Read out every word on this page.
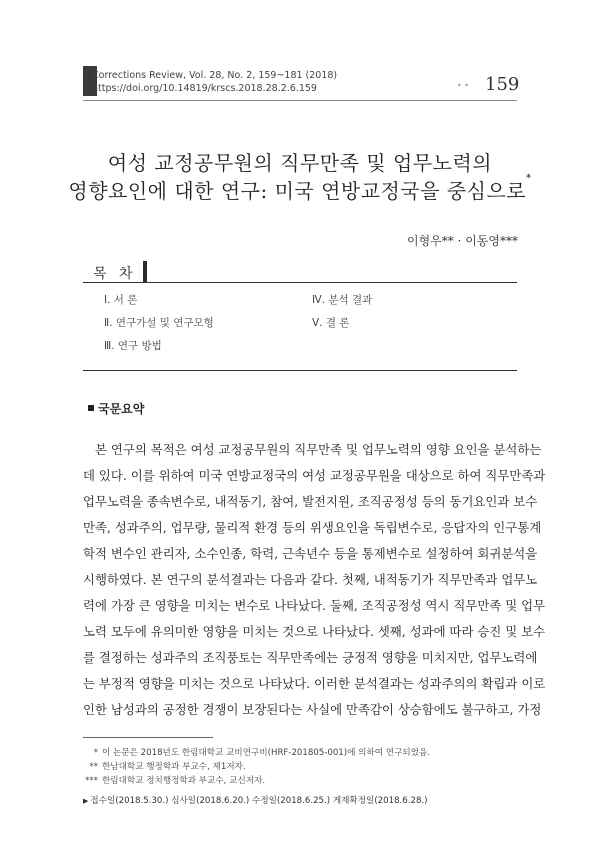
Corrections Review, Vol. 28, No. 2, 159~181 (2018)
https://doi.org/10.14819/krscs.2018.28.2.6.159	• • 159
여성 교정공무원의 직무만족 및 업무노력의
영향요인에 대한 연구: 미국 연방교정국을 중심으로*
이형우** · 이동영***
목 차
Ⅰ. 서 론
Ⅱ. 연구가설 및 연구모형
Ⅲ. 연구 방법
Ⅳ. 분석 결과
Ⅴ. 결 론
국문요약
본 연구의 목적은 여성 교정공무원의 직무만족 및 업무노력의 영향 요인을 분석하는
데 있다. 이를 위하여 미국 연방교정국의 여성 교정공무원을 대상으로 하여 직무만족과
업무노력을 종속변수로, 내적동기, 참여, 발전지원, 조직공정성 등의 동기요인과 보수
만족, 성과주의, 업무량, 물리적 환경 등의 위생요인을 독립변수로, 응답자의 인구통계
학적 변수인 관리자, 소수인종, 학력, 근속년수 등을 통제변수로 설정하여 회귀분석을
시행하였다. 본 연구의 분석결과는 다음과 같다. 첫째, 내적동기가 직무만족과 업무노
력에 가장 큰 영향을 미치는 변수로 나타났다. 둘째, 조직공정성 역시 직무만족 및 업무
노력 모두에 유의미한 영향을 미치는 것으로 나타났다. 셋째, 성과에 따라 승진 및 보수
를 결정하는 성과주의 조직풍토는 직무만족에는 긍정적 영향을 미치지만, 업무노력에
는 부정적 영향을 미치는 것으로 나타났다. 이러한 분석결과는 성과주의의 확립과 이로
인한 남성과의 공정한 경쟁이 보장된다는 사실에 만족감이 상승함에도 불구하고, 가정
* 이 논문은 2018년도 한림대학교 교비연구비(HRF-201805-001)에 의하여 연구되었음.
** 한남대학교 행정학과 부교수, 제1저자.
*** 한림대학교 정치행정학과 부교수, 교신저자.
▶ 접수일(2018.5.30.) 심사일(2018.6.20.) 수정일(2018.6.25.) 게재확정일(2018.6.28.)
